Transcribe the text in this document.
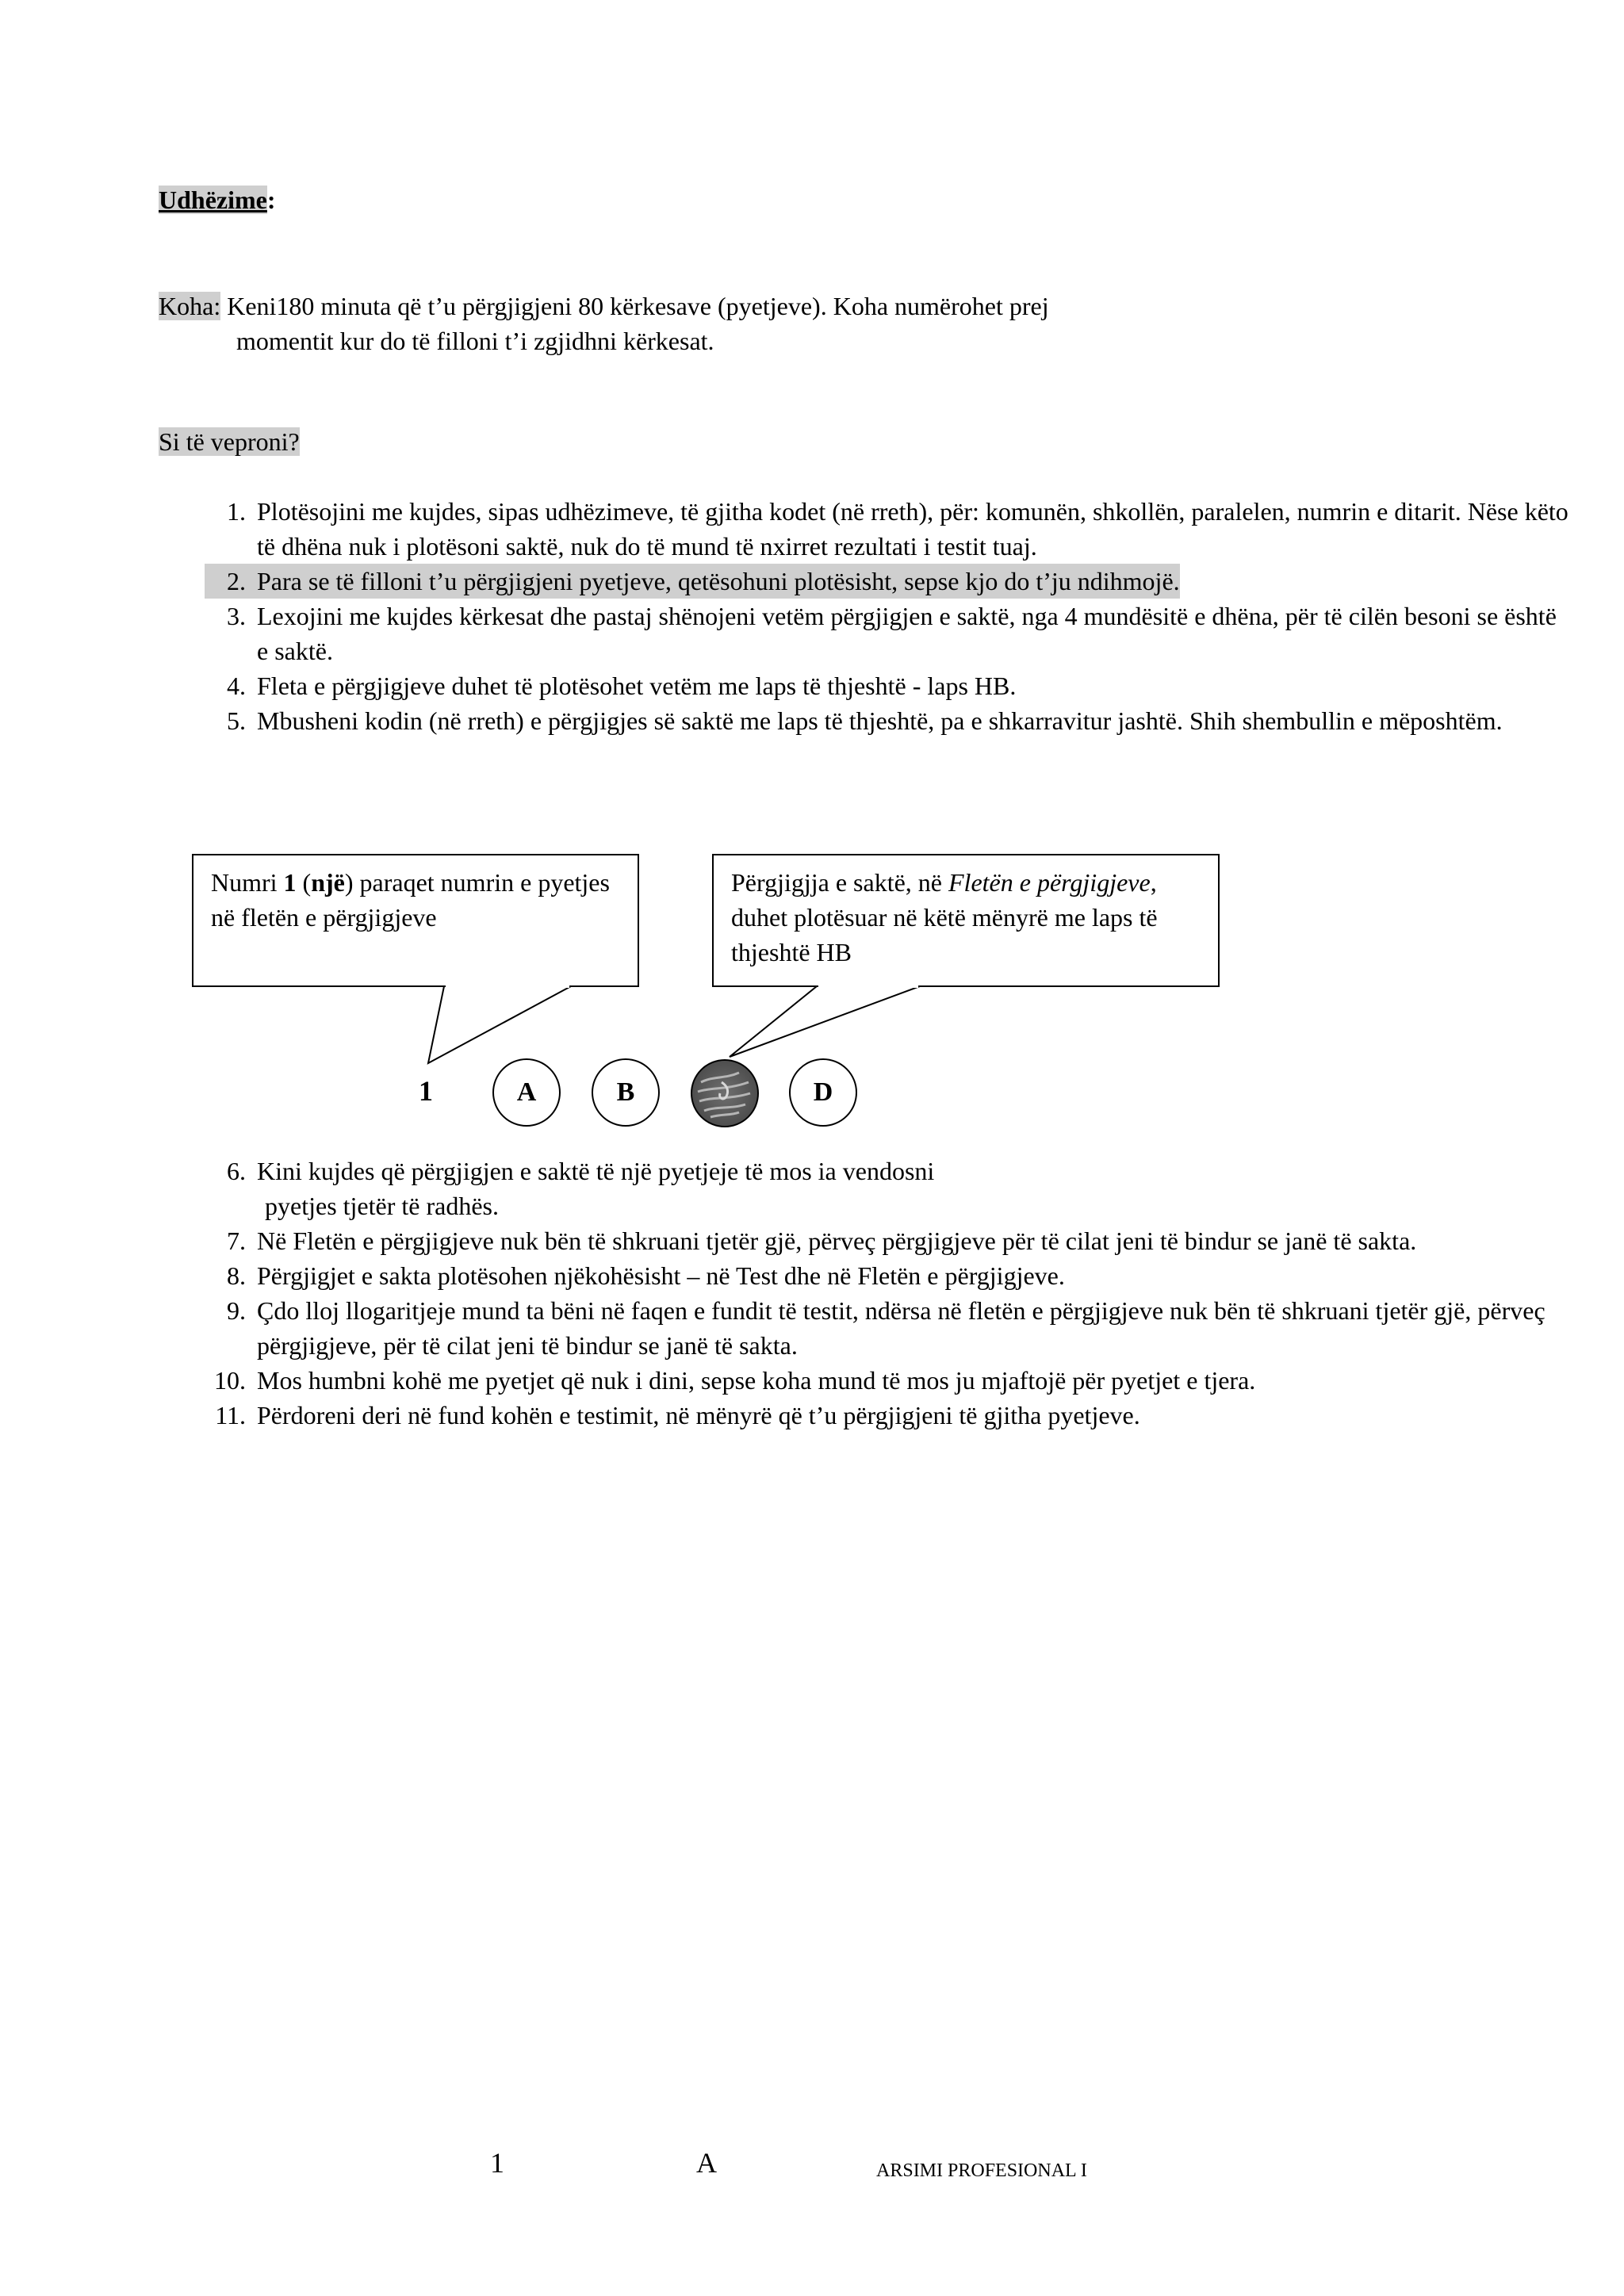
Udhëzime:
Koha: Keni180 minuta që t’u përgjigjeni 80 kërkesave (pyetjeve). Koha numërohet prej
momentit kur do të filloni t’i zgjidhni kërkesat.
Si të veproni?
1. Plotësojini me kujdes, sipas udhëzimeve, të gjitha kodet (në rreth), për: komunën, shkollën, paralelen, numrin e ditarit. Nëse këto të dhëna nuk i plotësoni saktë, nuk do të mund të nxirret rezultati i testit tuaj.
2. Para se të filloni t’u përgjigjeni pyetjeve, qetësohuni plotësisht, sepse kjo do t’ju ndihmojë.
3. Lexojini me kujdes kërkesat dhe pastaj shënojeni vetëm përgjigjen e saktë, nga 4 mundësitë e dhëna, për të cilën besoni se është e saktë.
4. Fleta e përgjigjeve duhet të plotësohet vetëm me laps të thjeshtë - laps HB.
5. Mbusheni kodin (në rreth) e përgjigjes së saktë me laps të thjeshtë, pa e shkarravitur jashtë. Shih shembullin e mëposhtëm.
Numri 1 (një) paraqet numrin e pyetjes në fletën e përgjigjeve
Përgjigjja e saktë, në Fletën e përgjigjeve, duhet plotësuar në këtë mënyrë me laps të thjeshtë HB
1	A	B	D
6. Kini kujdes që përgjigjen e saktë të një pyetjeje të mos ia vendosni
pyetjes tjetër të radhës.
7. Në Fletën e përgjigjeve nuk bën të shkruani tjetër gjë, përveç përgjigjeve për të cilat jeni të bindur se janë të sakta.
8. Përgjigjet e sakta plotësohen njëkohësisht – në Test dhe në Fletën e përgjigjeve.
9. Çdo lloj llogaritjeje mund ta bëni në faqen e fundit të testit, ndërsa në fletën e përgjigjeve nuk bën të shkruani tjetër gjë, përveç përgjigjeve, për të cilat jeni të bindur se janë të sakta.
10. Mos humbni kohë me pyetjet që nuk i dini, sepse koha mund të mos ju mjaftojë për pyetjet e tjera.
11. Përdoreni deri në fund kohën e testimit, në mënyrë që t’u përgjigjeni të gjitha pyetjeve.
1	A	ARSIMI PROFESIONAL I
